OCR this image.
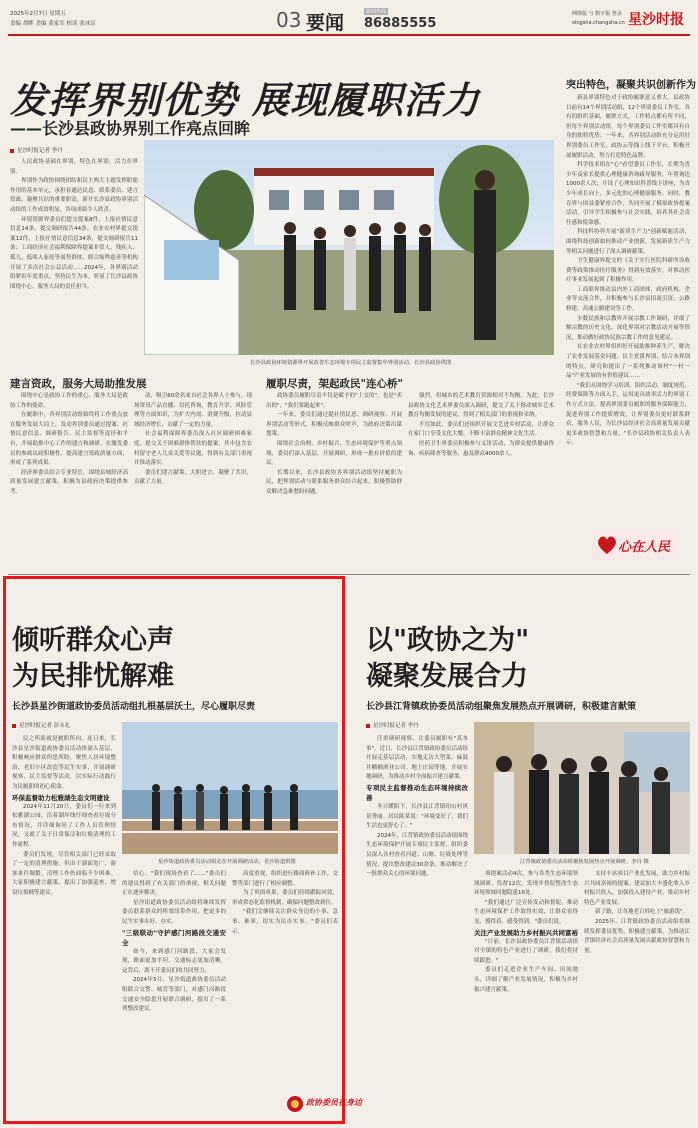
2025年2月7日 星期五
责编 胡畔 美编 黄家军 校读 张冰洁	03 要闻	新闻热线
86885555
网络版 与 数字报 登录
xingsha.changsha.cn 星沙时报
发挥界别优势 展现履职活力
——长沙县政协界别工作亮点回眸
星沙时报记者 李丹

人民政协基础在界别，特色在界别，活力在界别。

界别作为政协围绕团结和民主两大主题发挥职能作用的基本单元，承担着通达民意、联系委员、建言资政、凝聚共识的重要职责。新开长沙县政协界别活动组的工作成效明显，各项成绩令人欣喜。

环境资源界委员们提交提案8件，上报社情民意信息14条，提交调研报告44条，农业农村界提交提案12件，上报社情民意信息34条，提交调研报告11条；工商经济社会福利保障界提案非常人，残疾人、孤儿、低收入家庭等弱势群体，联合缩鸣慈善等机构开展了多次社会公益活动……2024年，各界别活动组紧扣年度重点，坚持民生为本，彰显了长沙县政协围绕中心、服务大局的责任担当。

长沙县政协环境资源界开展改善生态环境专项民主监督集中界别活动，长沙县政协供图
突出特色，凝聚共识创新作为

新县界别特色对于政协履职意义重大。县政协目前有14个界别活动组，12个界别委员工作室，各有的组织基础，履职方式，工作特点都有所不同，但每个界别活动组，每个界别委员工作室都具有自身的独特优势。一年来，各界别活动组充分运用好界别委员工作室，政协云等线上线下平台，积极开展履职活动，努力打造特色品牌。

科学技术组在"心"看望委员工作室，长期为青少年及家长提供心理健康咨询疏导服务，年帮询达1000余人次；开设了心理知识科普线下讲座，为青少年成长向上，多元化的心理健康服务。同时，教育界与团县委紧密合作，共同开展了模拟政协提案活动，引导学生积极参与社会实践，培养其社会责任感和使命感。

科技科协界开展"新质生产力"创新赋能活动，围绕科技创新如何推动产业创新，发展新质生产力等相关问题进行了深入调研献策。

卫生健康界提交的《关于实行医院科研所设收费等政策推动医疗服务》得到有效落实，对推动医疗事业发展起到了积极作用。

工商联界推动县内外工商团体、政府机构，企业等交流合作，并积极参与长沙县招商引资、公路修建，高速公路建设等工作。

少数民族和宗教界开展宗教工作调研，详细了解宗教的历史文化，深化界别对宗教活动开展等情况，推动做好政协民族宗教工作的意见建议。

在农业农村界组织好开展助推种养生产，解决了农业发展基金问题。民主党派界别，结合本界别的特点，研究和提出了一系列推动该村"一村一品"产业发展的有价值建议……

"我们从围绕学习培训、组织活动、制度规范、经费保障等方面入手，运用更具效率活力的界别工作方式方法，提高界别委员履职的服务保障能力，促进界别工作提质增效，让界别委员更好联系群众，服务人民，为长沙县经济社会高质量发展贡献更多政协智慧和力量。"长沙县政协相关负责人表示。

心在人民
建言资政，服务大局助推发展

围绕中心是政协工作的重心，服务大局是政协工作的使命。

在履职中，各界别活动组始终将工作重点放在服务发展大局上，发动界别委员通过提案、社情民意信息、调研报告、民主监督等途径和平台，开展助推中心工作的建言和调研，在激发委员的参政议政积极性、提高建言资政质量方面，形成了系列成果。

经济界委员结合专业特长，围绕县域经济高质量发展建言献策，积极为县政府决策提供参考。

动，吸引60余名来自社会各界人士参与，现场资讯产品直播、信托咨询，教育升学、风险管理等方面知识，为扩大内需、消费升级，拉动县域经济增长，贡献了一定的力量。

社会福利保障界委员深入社区调研困难家庭，提交关于困难群体帮扶的提案，其中包含农村留守老人儿童关爱等议题，得到有关部门重视并推动落实。

委员们建言献策，大胆进言，凝聚了共识，贡献了力量。

履职尽责，架起政民"连心桥"

政协委员履职尽责不仅是赋予的"上交的"，也是"卖出的"，"我们要跑起来"。

一年来，委员们通过提社情民意、调研视察、开展界别活动等形式，积极反映群众呼声，为政府决策出谋划策。

围绕社会治理、乡村振兴、生态环境保护等重点领域，委员们深入基层，开展调研，形成一批有价值的建议。

长期以来，长沙县政协各界别活动组坚持履职为民，把界别活动与联系服务群众结合起来，积极帮助群众解决急难愁盼问题。

强烈，但城乡的艺术教育资源相对不均衡。为此，长沙县政协文化艺术界委员深入调研，提交了关于推动城乡艺术教育均衡发展的建议，得到了相关部门的重视和采纳。

不仅如此，委员们还组织开展文艺进乡村活动，让群众在家门口享受文化大餐，不断丰富群众精神文化生活。

医药卫生界委员积极参与义诊活动，为群众提供健康咨询、疾病筛查等服务，惠及群众4000余人。

倾听群众心声
为民排忧解难
长沙县星沙街道政协委员活动组扎根基层沃土，尽心履职尽责
星沙时报记者 彭永礼

民之所盼就是履职所向。连日来，长沙县星沙街道政协委员活动组深入基层，积极响应群众所思所盼，聚焦人居环境整治、老旧小区改造等民生实事，开展调研视察、民主监督等活动，以实际行动践行为民履职的初心使命。

环保监督助力松雅湖生态文明建设

2024年11月20日，委员们一行来到松雅湖公园，沿着湖岸线仔细查看垃圾分布情况，并详细询问了工作人员管理情况，又就了关于日常保洁和垃圾清理的工作流程。

委员们发现，尽管相关部门已经采取了一定的清理措施，但由于湖面宽广，游客来往频繁，清理工作仍面临不少困难。大家积极建言献策，提出了加强巡查、增设垃圾桶等建议。

星沙街道政协委员活动组走在开展调研活动。星沙街道供图

信心。"我们现场查看了……"委员们的建议得到了有关部门的重视，相关问题正在逐步解决。

星沙街道政协委员活动组将继续发挥委员联系群众的桥梁纽带作用，把更多的民生实事办好、办实。

"三级联动"守护感门河路段交通安全

如今，来到感门河路段，大家会发现，路面更加平坦，交通标志更加清晰。这背后，离不开委员们的共同努力。

2024年5月，星沙街道政协委员活动组联合交警、城管等部门，对感门河路段交通安全隐患开展联合调研，提出了一系列整改建议。

高度重视，组织进行路面修补工作，交警等部门进行了相应调整。

为了巩固成果，委员们持续跟踪问效，形成常态化监督机制，确保问题整改到位。

"我们会继续关注群众身边的小事、急事、难事，切实为民办实事。"委员们表示。

政协委员在身边
以"政协之为"
凝聚发展合力
长沙县江背镇政协委员活动组聚焦发展热点开展调研，积极建言献策
星沙时报记者 李丹

汪重调研视察，让委员履职有"真本事"。近日，长沙县江背镇政协委员活动组开展走基层活动，实地走访大型菜、麻鼓井棚桶酒业公司、地上庄园等地，开展实地调研，为推动乡村全面振兴建言献策。

专项民主监督推动生态环境持续改善

冬日暖阳下，长沙县江背镇印山村风景秀丽。居民陈某说："环境变好了，我们生活也更舒心了。"

2024年，江背镇政协委员活动组围绕生态环境保护开展专项民主监督，组织委员深入各村查看河道、山塘、垃圾处理等情况，提出整改建议30余条，推动解决了一批群众关心的环境问题。

江背镇政协委员活动组聚焦发展热点开展调研。李丹 摄

项提案活动4次，参与各类生态环境领域调研、监督12次，发现并督促整改生态环境领域问题隐患16处。

"我们通过广泛宣传发动和督促，推动生态环境保护工作取得实效，让群众看得见、摸得着、感受得到。"委员们说。

关注产业发展助力乡村振兴共同富裕

"目前，长沙县政协委员江背镇活动组对全镇的特色产业进行了调研，我们将持续跟进。"

委员们走进企业生产车间、田间地头，详细了解产业发展情况，积极为乡村振兴建言献策。

支持丰富项目产业化发展，助力乡村振兴共同富裕的提案。建议加大丰盛化收入乡村振兴投入，加强投入建设产业，推动乡村特色产业发展。

新了路，让各地老百姓吃上"旅游饭"。

2025年，江背镇政协委员活动组将继续发挥委员优势，积极建言献策，为推动江背镇经济社会高质量发展贡献政协智慧和力量。
